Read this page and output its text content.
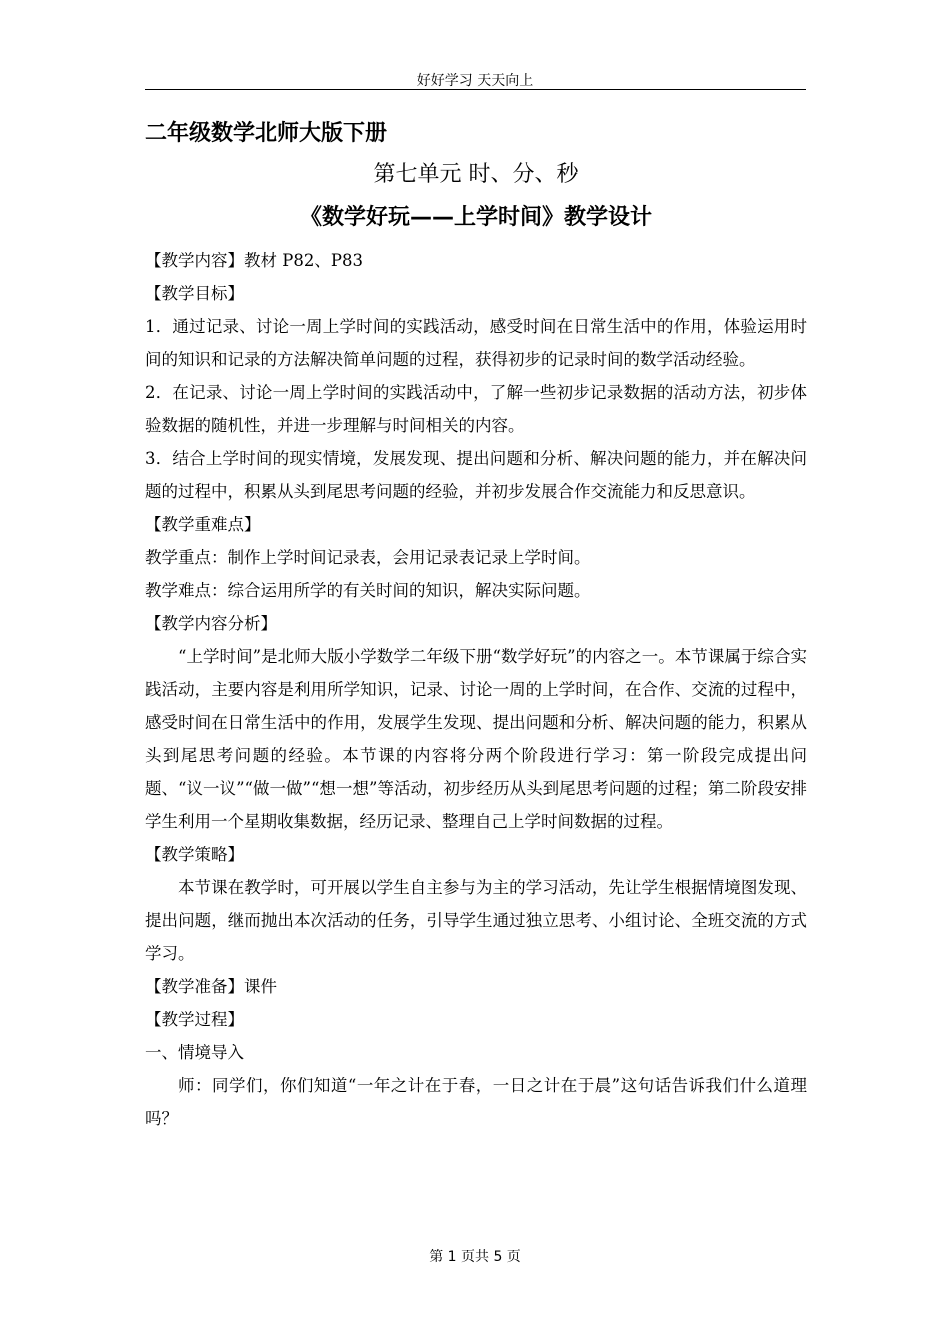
好好学习 天天向上
二年级数学北师大版下册
第七单元 时、分、秒
《数学好玩——上学时间》教学设计
【教学内容】教材 P82、P83
【教学目标】

1．通过记录、讨论一周上学时间的实践活动，感受时间在日常生活中的作用，体验运用时间的知识和记录的方法解决简单问题的过程，获得初步的记录时间的数学活动经验。

2．在记录、讨论一周上学时间的实践活动中，了解一些初步记录数据的活动方法，初步体验数据的随机性，并进一步理解与时间相关的内容。

3．结合上学时间的现实情境，发展发现、提出问题和分析、解决问题的能力，并在解决问题的过程中，积累从头到尾思考问题的经验，并初步发展合作交流能力和反思意识。

【教学重难点】
教学重点：制作上学时间记录表，会用记录表记录上学时间。
教学难点：综合运用所学的有关时间的知识，解决实际问题。
【教学内容分析】

“上学时间”是北师大版小学数学二年级下册“数学好玩”的内容之一。本节课属于综合实践活动，主要内容是利用所学知识，记录、讨论一周的上学时间，在合作、交流的过程中，感受时间在日常生活中的作用，发展学生发现、提出问题和分析、解决问题的能力，积累从头到尾思考问题的经验。本节课的内容将分两个阶段进行学习：第一阶段完成提出问题、“议一议”“做一做”“想一想”等活动，初步经历从头到尾思考问题的过程；第二阶段安排学生利用一个星期收集数据，经历记录、整理自己上学时间数据的过程。

【教学策略】

本节课在教学时，可开展以学生自主参与为主的学习活动，先让学生根据情境图发现、提出问题，继而抛出本次活动的任务，引导学生通过独立思考、小组讨论、全班交流的方式学习。

【教学准备】课件
【教学过程】
一、情境导入

师：同学们，你们知道“一年之计在于春，一日之计在于晨”这句话告诉我们什么道理吗？

第 1 页共 5 页
